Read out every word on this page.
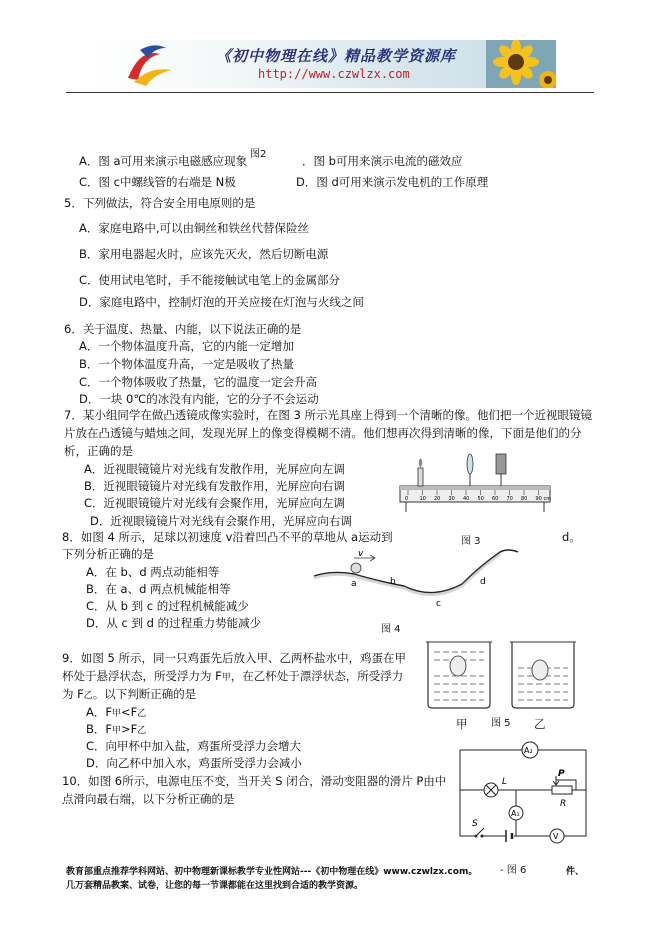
《初中物理在线》精品教学资源库
http://www.czwlzx.com
图2
A．图 a可用来演示电磁感应现象	．图 b可用来演示电流的磁效应
C．图 c中螺线管的右端是 N极	D．图 d可用来演示发电机的工作原理
5．下列做法，符合安全用电原则的是
A．家庭电路中,可以由铜丝和铁丝代替保险丝
B．家用电器起火时，应该先灭火，然后切断电源
C．使用试电笔时，手不能接触试电笔上的金属部分
D．家庭电路中，控制灯泡的开关应接在灯泡与火线之间
6．关于温度、热量、内能，以下说法正确的是
A．一个物体温度升高，它的内能一定增加
B．一个物体温度升高，一定是吸收了热量
C．一个物体吸收了热量，它的温度一定会升高
D．一块 0℃的冰没有内能，它的分子不会运动
7．某小组同学在做凸透镜成像实验时，在图 3 所示光具座上得到一个清晰的像。他们把一个近视眼镜镜
片放在凸透镜与蜡烛之间，发现光屏上的像变得模糊不清。他们想再次得到清晰的像，下面是他们的分
析，正确的是
A．近视眼镜镜片对光线有发散作用，光屏应向左调
B．近视眼镜镜片对光线有发散作用，光屏应向右调
C．近视眼镜镜片对光线有会聚作用，光屏应向左调
D．近视眼镜镜片对光线有会聚作用，光屏应向右调
0 10 20 30 40 50 60 70 80 90 cm
图 3
8．如图 4 所示，足球以初速度 v沿着凹凸不平的草地从 a运动到	d。
下列分析正确的是
A．在 b、d 两点动能相等
B．在 a、d 两点机械能相等
C．从 b 到 c 的过程机械能减少
D．从 c 到 d 的过程重力势能减少
v
a	b
c
d
图 4
9．如图 5 所示，同一只鸡蛋先后放入甲、乙两杯盐水中，鸡蛋在甲
杯处于悬浮状态，所受浮力为 F甲，在乙杯处于漂浮状态，所受浮力
为 F乙。以下判断正确的是
A．F甲<F乙
B．F甲>F乙
C．向甲杯中加入盐，鸡蛋所受浮力会增大
D．向乙杯中加入水，鸡蛋所受浮力会减小
甲	乙
图 5
10．如图 6所示，电源电压不变，当开关 S 闭合，滑动变阻器的滑片 P由中
点滑向最右端，以下分析正确的是
A₂
L
P
R
A₁
S
V
教育部重点推荐学科网站、初中物理新课标教学专业性网站---《初中物理在线》www.czwlzx.com。 - 图 6	件、
几万套精品教案、试卷，让您的每一节课都能在这里找到合适的教学资源。
